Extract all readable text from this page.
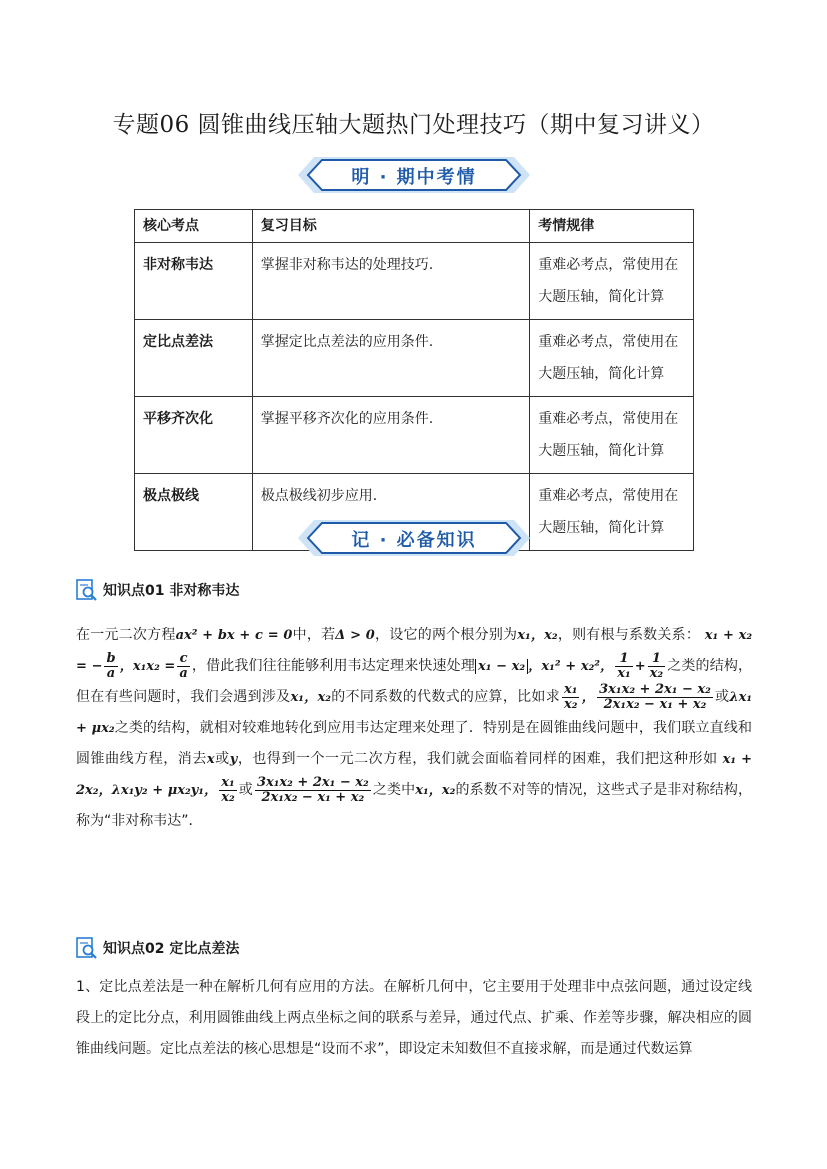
专题06 圆锥曲线压轴大题热门处理技巧（期中复习讲义）
明 · 期中考情
核心考点	复习目标	考情规律
非对称韦达	掌握非对称韦达的处理技巧.	重难必考点，常使用在大题压轴，简化计算
定比点差法	掌握定比点差法的应用条件.	重难必考点，常使用在大题压轴，简化计算
平移齐次化	掌握平移齐次化的应用条件.	重难必考点，常使用在大题压轴，简化计算
极点极线	极点极线初步应用.	重难必考点，常使用在大题压轴，简化计算
记 · 必备知识
知识点01 非对称韦达

在一元二次方程ax² + bx + c = 0中，若Δ > 0，设它的两个根分别为x₁，x₂，则有根与系数关系： x₁ + x₂ = − $\frac{b}{a}$ ，$x_1x_2 = \frac{c}{a}$ ，借此我们往往能够利用韦达定理来快速处理 x₁ − x₂ ，x₁² + x₂²， $\frac{1}{\text{x₁}} + \frac{1}{\text{x₂}}$ 之类的结构，但在有些问题时，我们会遇到涉及x₁，x₂的不同系数的代数式的应算，比如求 $\frac{\text{x₁}}{\text{x₂}}$ ， $\frac{\text{3x₁x₂ + 2x₁ − x₂}}{\text{2x₁x₂ − x₁ + x₂}}$ 或λx₁ + μx₂之类的结构，就相对较难地转化到应用韦达定理来处理了．特别是在圆锥曲线问题中，我们联立直线和圆锥曲线方程，消去x或y，也得到一个一元二次方程，我们就会面临着同样的困难，我们把这种形如 x₁ + 2x₂，λx₁y₂ + μx₂y₁， $\frac{\text{x₁}}{\text{x₂}}$ 或 $\frac{\text{3x₁x₂ + 2x₁ − x₂}}{\text{2x₁x₂ − x₁ + x₂}}$ 之类中x₁，x₂的系数不对等的情况，这些式子是非对称结构，称为“非对称韦达”．

知识点02 定比点差法

1、定比点差法是一种在解析几何有应用的方法。在解析几何中，它主要用于处理非中点弦问题，通过设定线段上的定比分点，利用圆锥曲线上两点坐标之间的联系与差异，通过代点、扩乘、作差等步骤，解决相应的圆锥曲线问题。定比点差法的核心思想是“设而不求”，即设定未知数但不直接求解，而是通过代数运算
